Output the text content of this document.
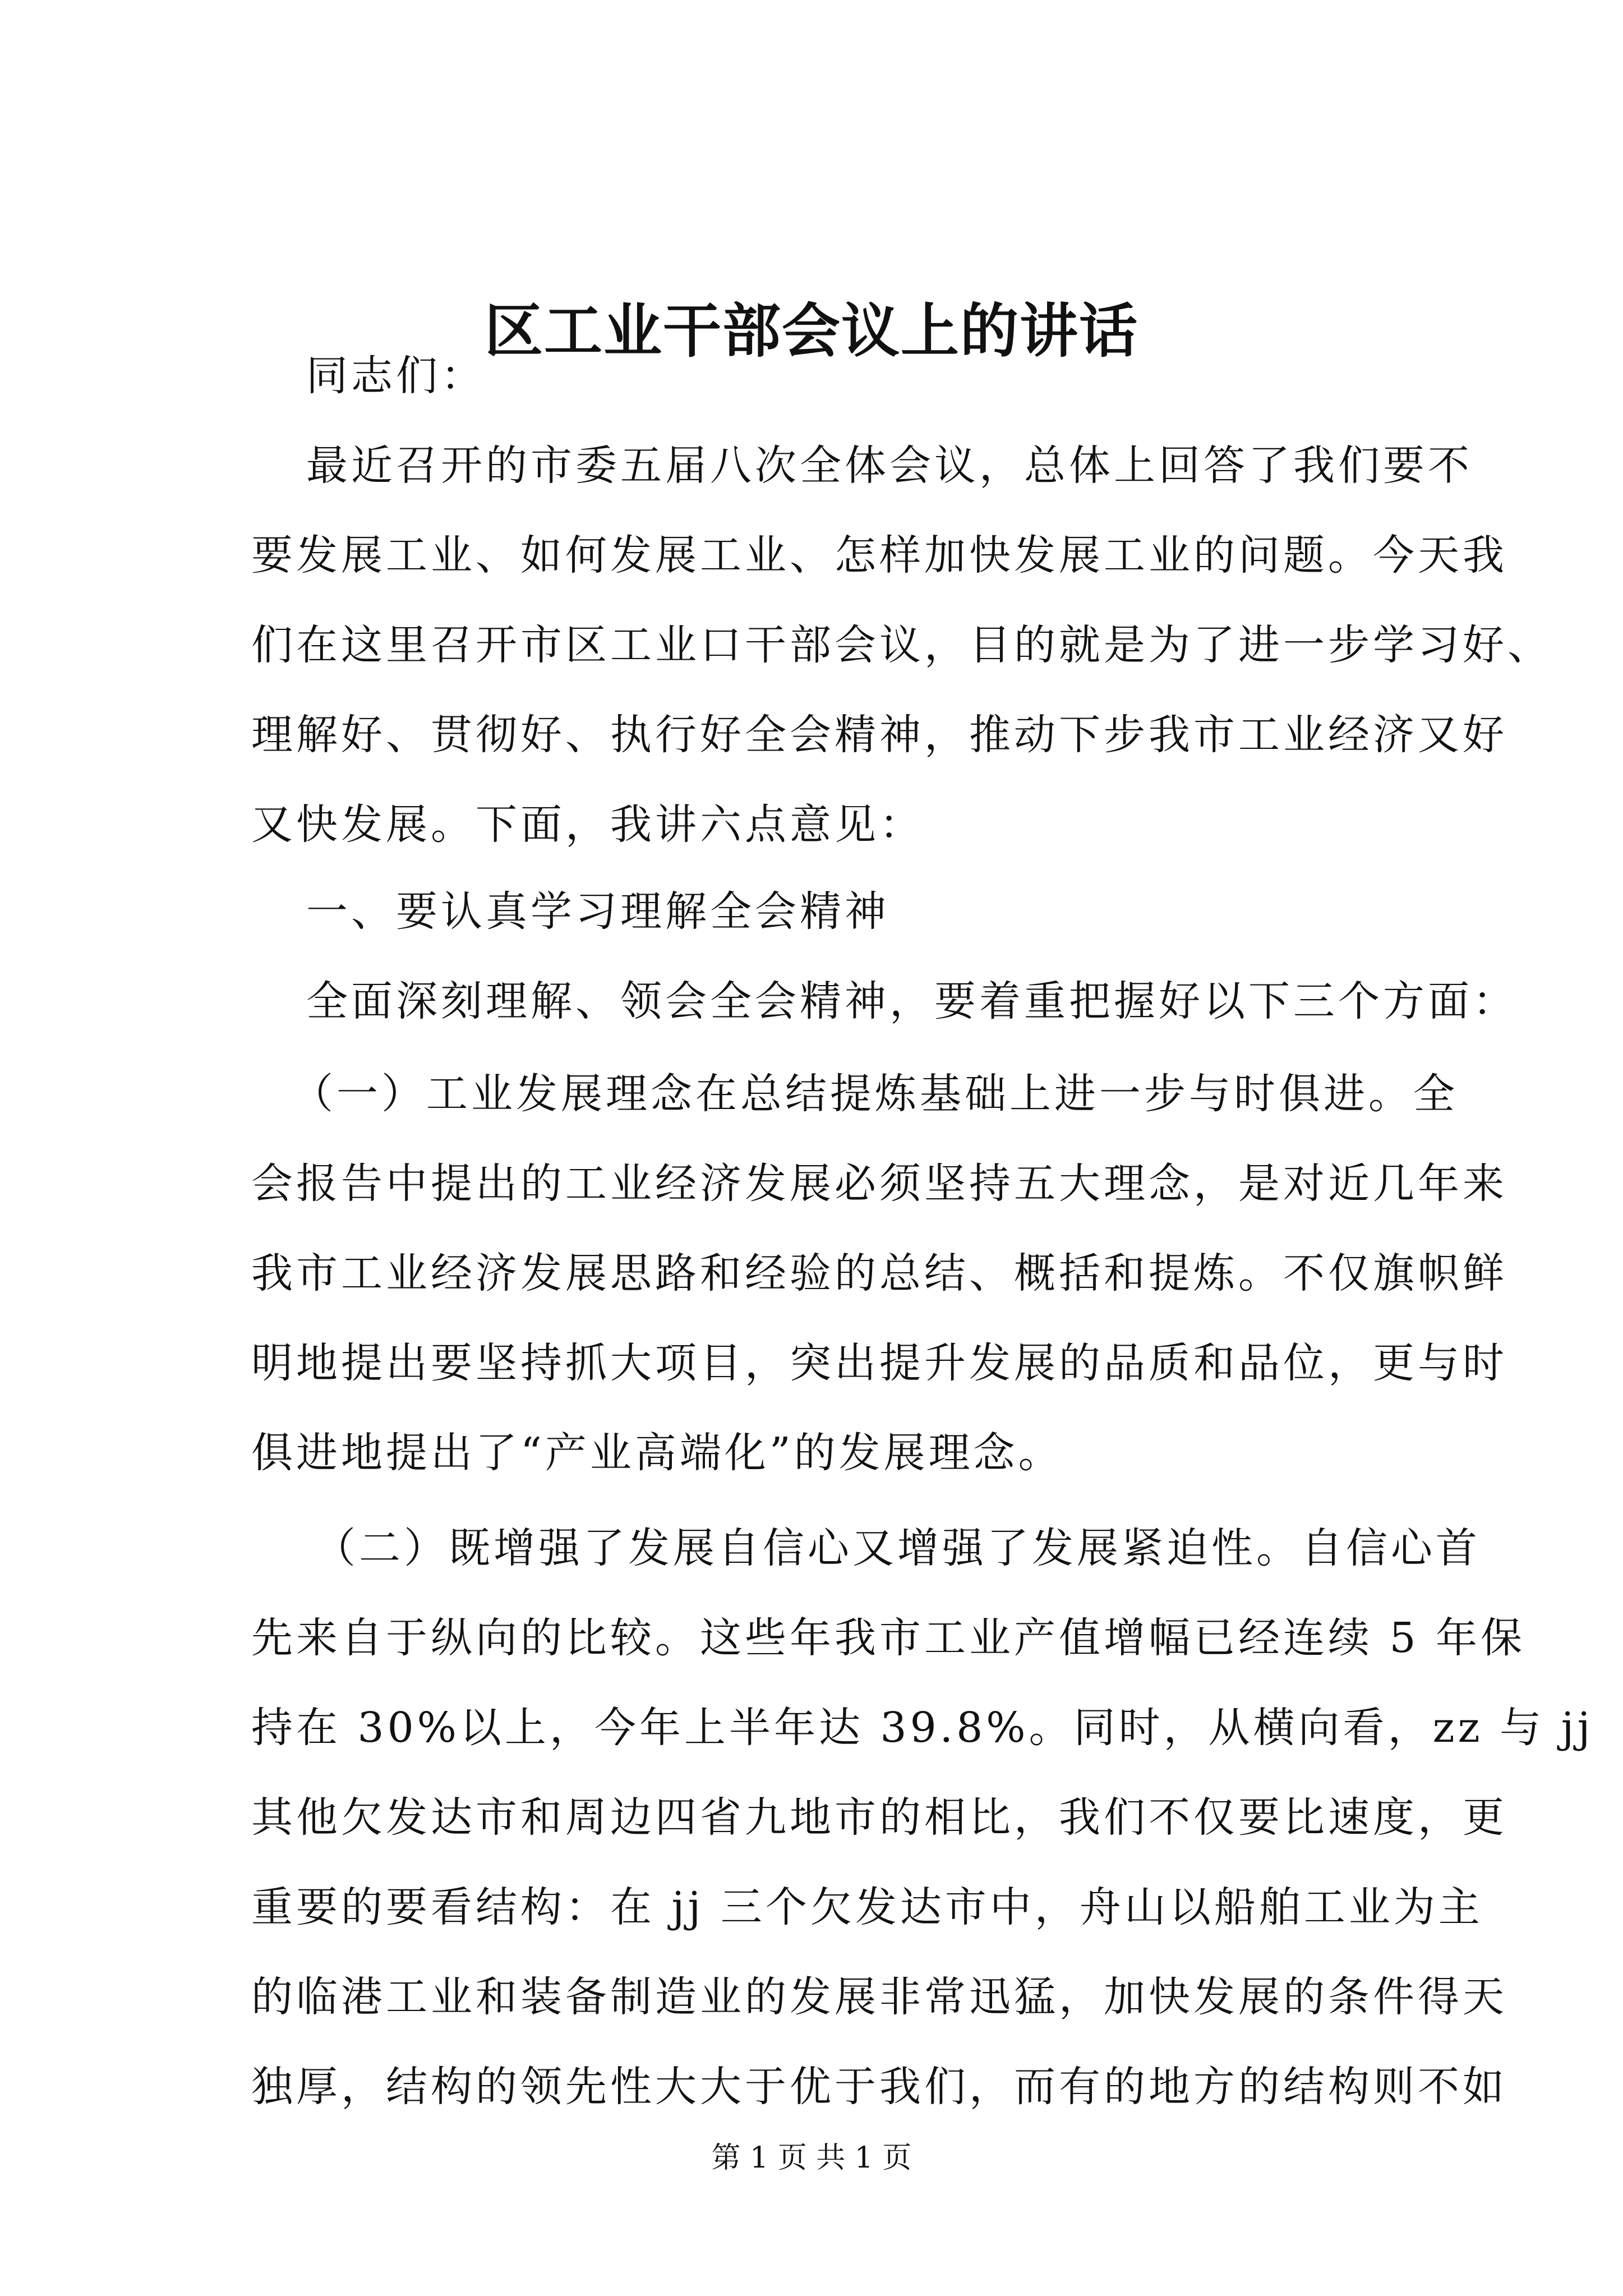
区工业干部会议上的讲话
同志们：
最近召开的市委五届八次全体会议，总体上回答了我们要不
要发展工业、如何发展工业、怎样加快发展工业的问题。今天我
们在这里召开市区工业口干部会议，目的就是为了进一步学习好、
理解好、贯彻好、执行好全会精神，推动下步我市工业经济又好
又快发展。下面，我讲六点意见：
一、要认真学习理解全会精神
全面深刻理解、领会全会精神，要着重把握好以下三个方面：
（一）工业发展理念在总结提炼基础上进一步与时俱进。全
会报告中提出的工业经济发展必须坚持五大理念，是对近几年来
我市工业经济发展思路和经验的总结、概括和提炼。不仅旗帜鲜
明地提出要坚持抓大项目，突出提升发展的品质和品位，更与时
俱进地提出了“产业高端化”的发展理念。
（二）既增强了发展自信心又增强了发展紧迫性。自信心首
先来自于纵向的比较。这些年我市工业产值增幅已经连续 5 年保
持在 30%以上，今年上半年达 39.8%。同时，从横向看，zz 与 jj
其他欠发达市和周边四省九地市的相比，我们不仅要比速度，更
重要的要看结构：在 jj 三个欠发达市中，舟山以船舶工业为主
的临港工业和装备制造业的发展非常迅猛，加快发展的条件得天
独厚，结构的领先性大大于优于我们，而有的地方的结构则不如
第 1 页 共 1 页
